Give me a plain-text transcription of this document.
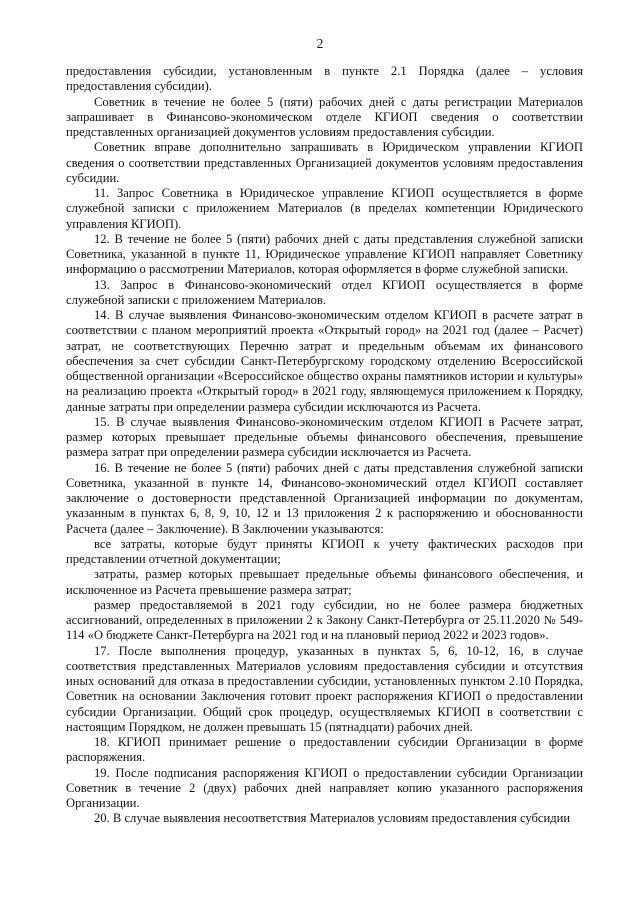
2

предоставления субсидии, установленным в пункте 2.1 Порядка (далее – условия предоставления субсидии).

Советник в течение не более 5 (пяти) рабочих дней с даты регистрации Материалов запрашивает в Финансово-экономическом отделе КГИОП сведения о соответствии представленных организацией документов условиям предоставления субсидии.

Советник вправе дополнительно запрашивать в Юридическом управлении КГИОП сведения о соответствии представленных Организацией документов условиям предоставления субсидии.

11. Запрос Советника в Юридическое управление КГИОП осуществляется в форме служебной записки с приложением Материалов (в пределах компетенции Юридического управления КГИОП).

12. В течение не более 5 (пяти) рабочих дней с даты представления служебной записки Советника, указанной в пункте 11, Юридическое управление КГИОП направляет Советнику информацию о рассмотрении Материалов, которая оформляется в форме служебной записки.

13. Запрос в Финансово-экономический отдел КГИОП осуществляется в форме служебной записки с приложением Материалов.

14. В случае выявления Финансово-экономическим отделом КГИОП в расчете затрат в соответствии с планом мероприятий проекта «Открытый город» на 2021 год (далее – Расчет) затрат, не соответствующих Перечню затрат и предельным объемам их финансового обеспечения за счет субсидии Санкт-Петербургскому городскому отделению Всероссийской общественной организации «Всероссийское общество охраны памятников истории и культуры» на реализацию проекта «Открытый город» в 2021 году, являющемуся приложением к Порядку, данные затраты при определении размера субсидии исключаются из Расчета.

15. В случае выявления Финансово-экономическим отделом КГИОП в Расчете затрат, размер которых превышает предельные объемы финансового обеспечения, превышение размера затрат при определении размера субсидии исключается из Расчета.

16. В течение не более 5 (пяти) рабочих дней с даты представления служебной записки Советника, указанной в пункте 14, Финансово-экономический отдел КГИОП составляет заключение о достоверности представленной Организацией информации по документам, указанным в пунктах 6, 8, 9, 10, 12 и 13 приложения 2 к распоряжению и обоснованности Расчета (далее – Заключение). В Заключении указываются:

все затраты, которые будут приняты КГИОП к учету фактических расходов при представлении отчетной документации;

затраты, размер которых превышает предельные объемы финансового обеспечения, и исключенное из Расчета превышение размера затрат;

размер предоставляемой в 2021 году субсидии, но не более размера бюджетных ассигнований, определенных в приложении 2 к Закону Санкт-Петербурга от 25.11.2020 № 549-114 «О бюджете Санкт-Петербурга на 2021 год и на плановый период 2022 и 2023 годов».

17. После выполнения процедур, указанных в пунктах 5, 6, 10-12, 16, в случае соответствия представленных Материалов условиям предоставления субсидии и отсутствия иных оснований для отказа в предоставлении субсидии, установленных пунктом 2.10 Порядка, Советник на основании Заключения готовит проект распоряжения КГИОП о предоставлении субсидии Организации. Общий срок процедур, осуществляемых КГИОП в соответствии с настоящим Порядком, не должен превышать 15 (пятнадцати) рабочих дней.

18. КГИОП принимает решение о предоставлении субсидии Организации в форме распоряжения.

19. После подписания распоряжения КГИОП о предоставлении субсидии Организации Советник в течение 2 (двух) рабочих дней направляет копию указанного распоряжения Организации.

20. В случае выявления несоответствия Материалов условиям предоставления субсидии
